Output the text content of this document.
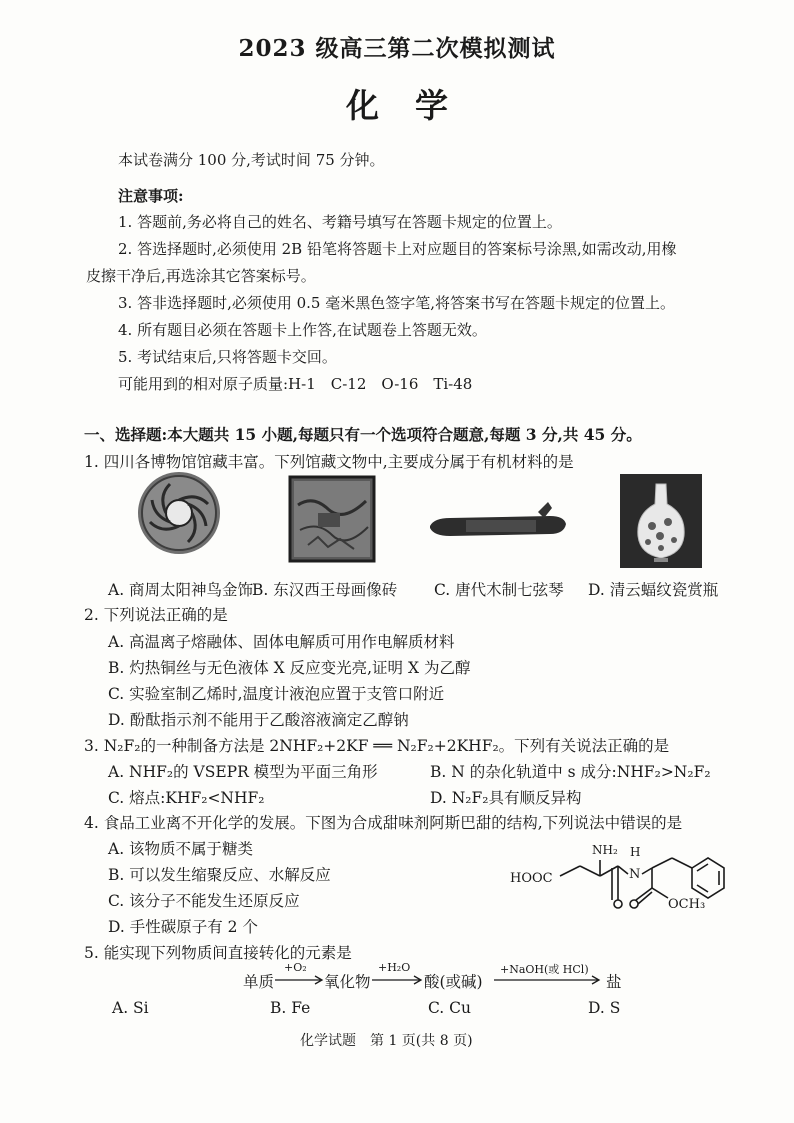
2023 级高三第二次模拟测试
化学
本试卷满分 100 分,考试时间 75 分钟。
注意事项:
1. 答题前,务必将自己的姓名、考籍号填写在答题卡规定的位置上。
2. 答选择题时,必须使用 2B 铅笔将答题卡上对应题目的答案标号涂黑,如需改动,用橡
皮擦干净后,再选涂其它答案标号。
3. 答非选择题时,必须使用 0.5 毫米黑色签字笔,将答案书写在答题卡规定的位置上。
4. 所有题目必须在答题卡上作答,在试题卷上答题无效。
5. 考试结束后,只将答题卡交回。
可能用到的相对原子质量:H-1　C-12　O-16　Ti-48
一、选择题:本大题共 15 小题,每题只有一个选项符合题意,每题 3 分,共 45 分。
1. 四川各博物馆馆藏丰富。下列馆藏文物中,主要成分属于有机材料的是
A. 商周太阳神鸟金饰
B. 东汉西王母画像砖 C. 唐代木制七弦琴 D. 清云蝠纹瓷赏瓶
2. 下列说法正确的是
A. 高温离子熔融体、固体电解质可用作电解质材料
B. 灼热铜丝与无色液体 X 反应变光亮,证明 X 为乙醇
C. 实验室制乙烯时,温度计液泡应置于支管口附近
D. 酚酞指示剂不能用于乙酸溶液滴定乙醇钠
3. N₂F₂的一种制备方法是 2NHF₂+2KF ══ N₂F₂+2KHF₂。下列有关说法正确的是
A. NHF₂的 VSEPR 模型为平面三角形	B. N 的杂化轨道中 s 成分:NHF₂>N₂F₂
C. 熔点:KHF₂<NHF₂	D. N₂F₂具有顺反异构
4. 食品工业离不开化学的发展。下图为合成甜味剂阿斯巴甜的结构,下列说法中错误的是
A. 该物质不属于糖类
B. 可以发生缩聚反应、水解反应
C. 该分子不能发生还原反应
D. 手性碳原子有 2 个
NH₂ H
N
HOOC
OCH₃
5. 能实现下列物质间直接转化的元素是
单质
+O₂
氧化物
+H₂O
酸(或碱)
+NaOH(或 HCl)
盐
A. Si	B. Fe	C. Cu	D. S
化学试题　第 1 页(共 8 页)
